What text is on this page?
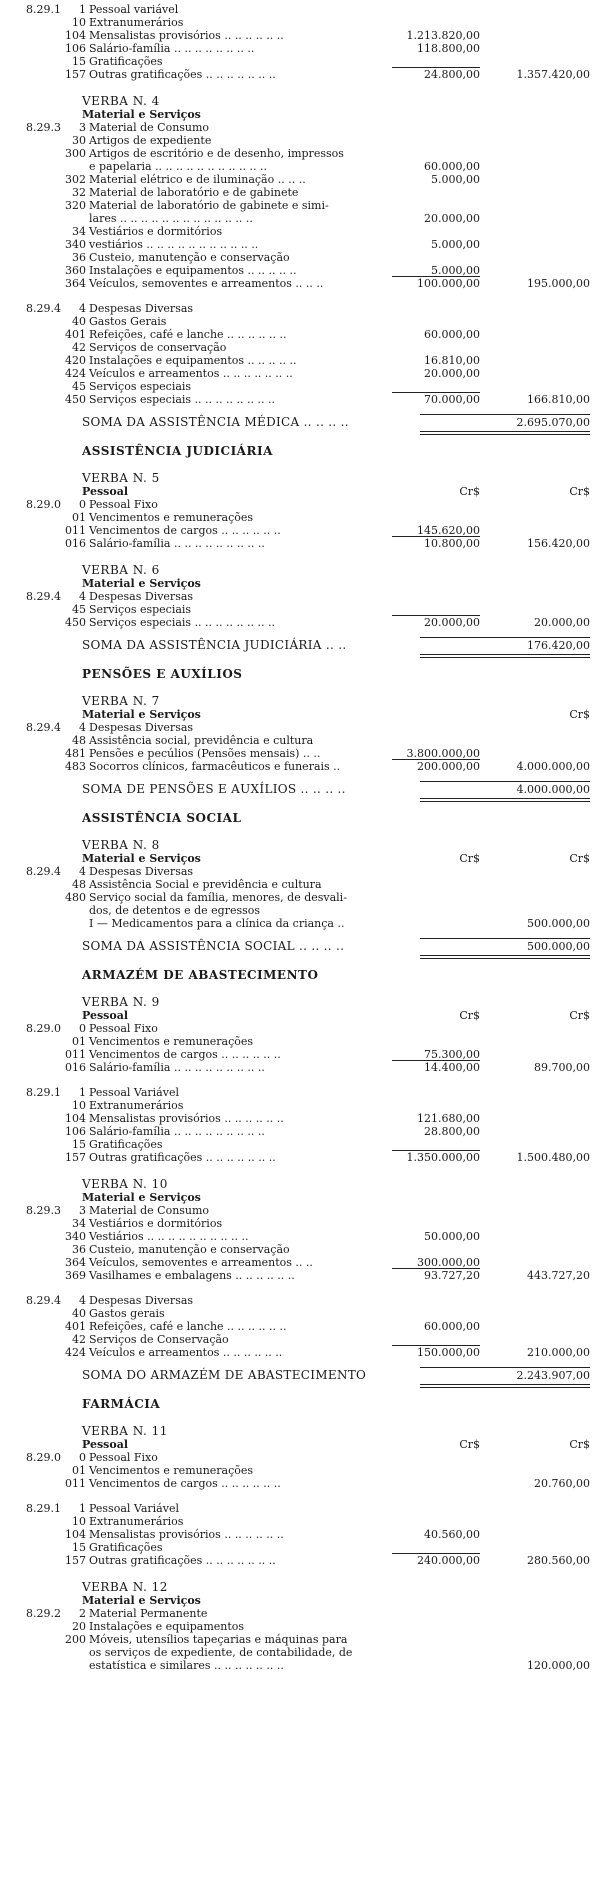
8.29.1	1 Pessoal variável
10 Extranumerários
104 Mensalistas provisórios .. .. .. .. .. ..	1.213.820,00
106 Salário-família .. .. .. .. .. .. .. ..	118.800,00
15 Gratificações
157 Outras gratificações .. .. .. .. .. .. ..	24.800,00	1.357.420,00
VERBA N. 4
Material e Serviços
8.29.3	3 Material de Consumo
30 Artigos de expediente
300 Artigos de escritório e de desenho, impressos
e papelaria .. .. .. .. .. .. .. .. .. .. ..	60.000,00
302 Material elétrico e de iluminação .. .. ..	5.000,00
32 Material de laboratório e de gabinete
320 Material de laboratório de gabinete e simi-
lares .. .. .. .. .. .. .. .. .. .. .. .. ..	20.000,00
34 Vestiários e dormitórios
340 vestiários .. .. .. .. .. .. .. .. .. .. ..	5.000,00
36 Custeio, manutenção e conservação
360 Instalações e equipamentos .. .. .. .. ..	5.000,00
364 Veículos, semoventes e arreamentos .. .. ..	100.000,00	195.000,00
8.29.4	4 Despesas Diversas
40 Gastos Gerais
401 Refeições, café e lanche .. .. .. .. .. ..	60.000,00
42 Serviços de conservação
420 Instalações e equipamentos .. .. .. .. ..	16.810,00
424 Veículos e arreamentos .. .. .. .. .. .. ..	20.000,00
45 Serviços especiais
450 Serviços especiais .. .. .. .. .. .. .. ..	70.000,00	166.810,00
SOMA DA ASSISTÊNCIA MÉDICA .. .. .. ..	2.695.070,00
ASSISTÊNCIA JUDICIÁRIA
VERBA N. 5
Pessoal	Cr$	Cr$
8.29.0	0 Pessoal Fixo
01 Vencimentos e remunerações
011 Vencimentos de cargos .. .. .. .. .. ..	145.620,00
016 Salário-família .. .. .. .. .. .. .. .. ..	10.800,00	156.420,00
VERBA N. 6
Material e Serviços
8.29.4	4 Despesas Diversas
45 Serviços especiais
450 Serviços especiais .. .. .. .. .. .. .. ..	20.000,00	20.000,00
SOMA DA ASSISTÊNCIA JUDICIÁRIA .. ..	176.420,00
PENSÕES E AUXÍLIOS
VERBA N. 7
Material e Serviços	Cr$
8.29.4	4 Despesas Diversas
48 Assistência social, previdência e cultura
481 Pensões e pecúlios (Pensões mensais) .. ..	3.800.000,00
483 Socorros clínicos, farmacêuticos e funerais ..	200.000,00	4.000.000,00
SOMA DE PENSÕES E AUXÍLIOS .. .. .. ..	4.000.000,00
ASSISTÊNCIA SOCIAL
VERBA N. 8
Material e Serviços	Cr$	Cr$
8.29.4	4 Despesas Diversas
48 Assistência Social e previdência e cultura
480 Serviço social da família, menores, de desvali-
dos, de detentos e de egressos
I — Medicamentos para a clínica da criança ..	500.000,00
SOMA DA ASSISTÊNCIA SOCIAL .. .. .. ..	500.000,00
ARMAZÉM DE ABASTECIMENTO
VERBA N. 9
Pessoal	Cr$	Cr$
8.29.0	0 Pessoal Fixo
01 Vencimentos e remunerações
011 Vencimentos de cargos .. .. .. .. .. ..	75.300,00
016 Salário-família .. .. .. .. .. .. .. .. ..	14.400,00	89.700,00
8.29.1	1 Pessoal Variável
10 Extranumerários
104 Mensalistas provisórios .. .. .. .. .. ..	121.680,00
106 Salário-família .. .. .. .. .. .. .. .. ..	28.800,00
15 Gratificações
157 Outras gratificações .. .. .. .. .. .. ..	1.350.000,00	1.500.480,00
VERBA N. 10
Material e Serviços
8.29.3	3 Material de Consumo
34 Vestiários e dormitórios
340 Vestiários .. .. .. .. .. .. .. .. .. ..	50.000,00
36 Custeio, manutenção e conservação
364 Veículos, semoventes e arreamentos .. ..	300.000,00
369 Vasilhames e embalagens .. .. .. .. .. ..	93.727,20	443.727,20
8.29.4	4 Despesas Diversas
40 Gastos gerais
401 Refeições, café e lanche .. .. .. .. .. ..	60.000,00
42 Serviços de Conservação
424 Veículos e arreamentos .. .. .. .. .. ..	150.000,00	210.000,00
SOMA DO ARMAZÉM DE ABASTECIMENTO	2.243.907,00
FARMÁCIA
VERBA N. 11
Pessoal	Cr$	Cr$
8.29.0	0 Pessoal Fixo
01 Vencimentos e remunerações
011 Vencimentos de cargos .. .. .. .. .. ..	20.760,00
8.29.1	1 Pessoal Variável
10 Extranumerários
104 Mensalistas provisórios .. .. .. .. .. ..	40.560,00
15 Gratificações
157 Outras gratificações .. .. .. .. .. .. ..	240.000,00	280.560,00
VERBA N. 12
Material e Serviços
8.29.2	2 Material Permanente
20 Instalações e equipamentos
200 Móveis, utensílios tapeçarias e máquinas para
os serviços de expediente, de contabilidade, de
estatística e similares .. .. .. .. .. .. ..	120.000,00
